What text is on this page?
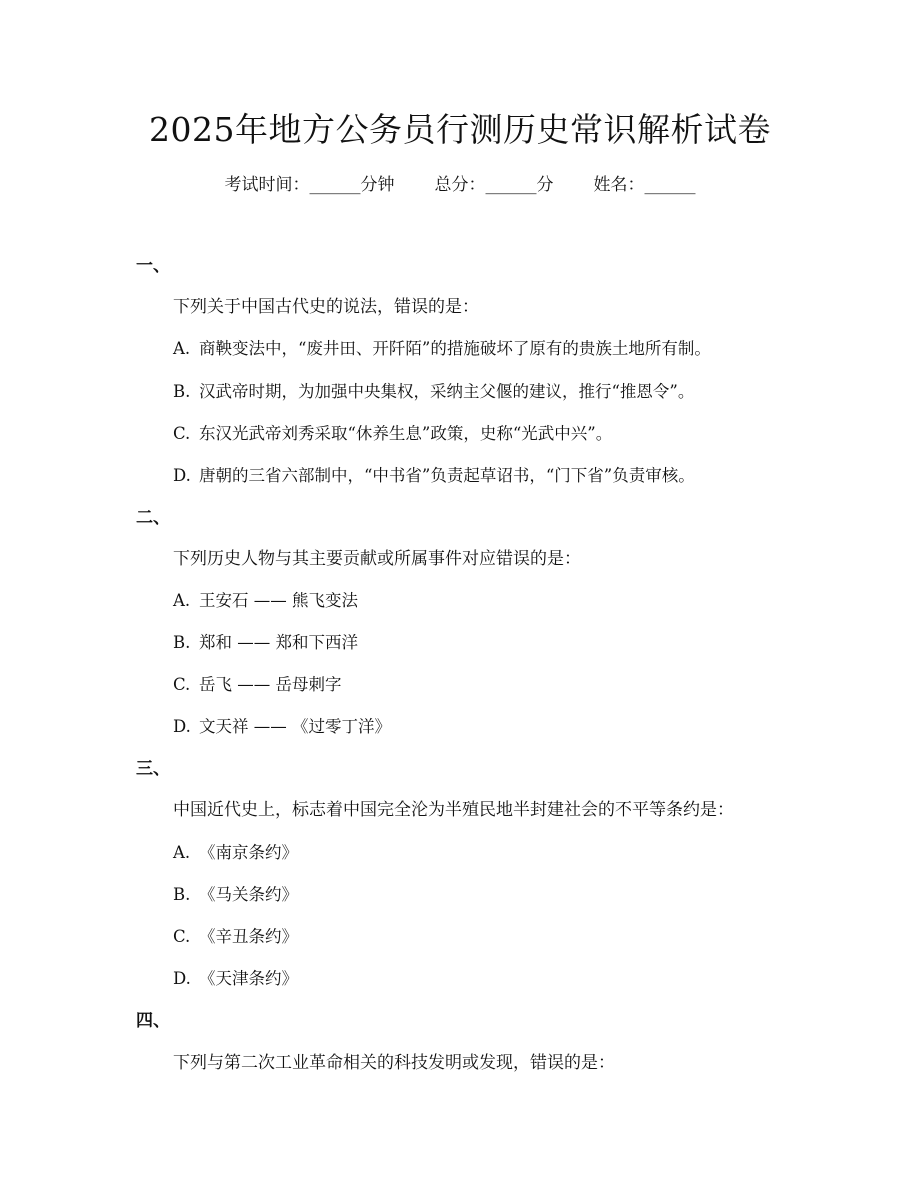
2025年地方公务员行测历史常识解析试卷
考试时间：______分钟 总分：______分 姓名：______
一、
下列关于中国古代史的说法，错误的是：
A. 商鞅变法中，“废井田、开阡陌”的措施破坏了原有的贵族土地所有制。
B. 汉武帝时期，为加强中央集权，采纳主父偃的建议，推行“推恩令”。
C. 东汉光武帝刘秀采取“休养生息”政策，史称“光武中兴”。
D. 唐朝的三省六部制中，“中书省”负责起草诏书，“门下省”负责审核。
二、
下列历史人物与其主要贡献或所属事件对应错误的是：
A. 王安石 —— 熊飞变法
B. 郑和 —— 郑和下西洋
C. 岳飞 —— 岳母刺字
D. 文天祥 —— 《过零丁洋》
三、
中国近代史上，标志着中国完全沦为半殖民地半封建社会的不平等条约是：
A. 《南京条约》
B. 《马关条约》
C. 《辛丑条约》
D. 《天津条约》
四、
下列与第二次工业革命相关的科技发明或发现，错误的是：
